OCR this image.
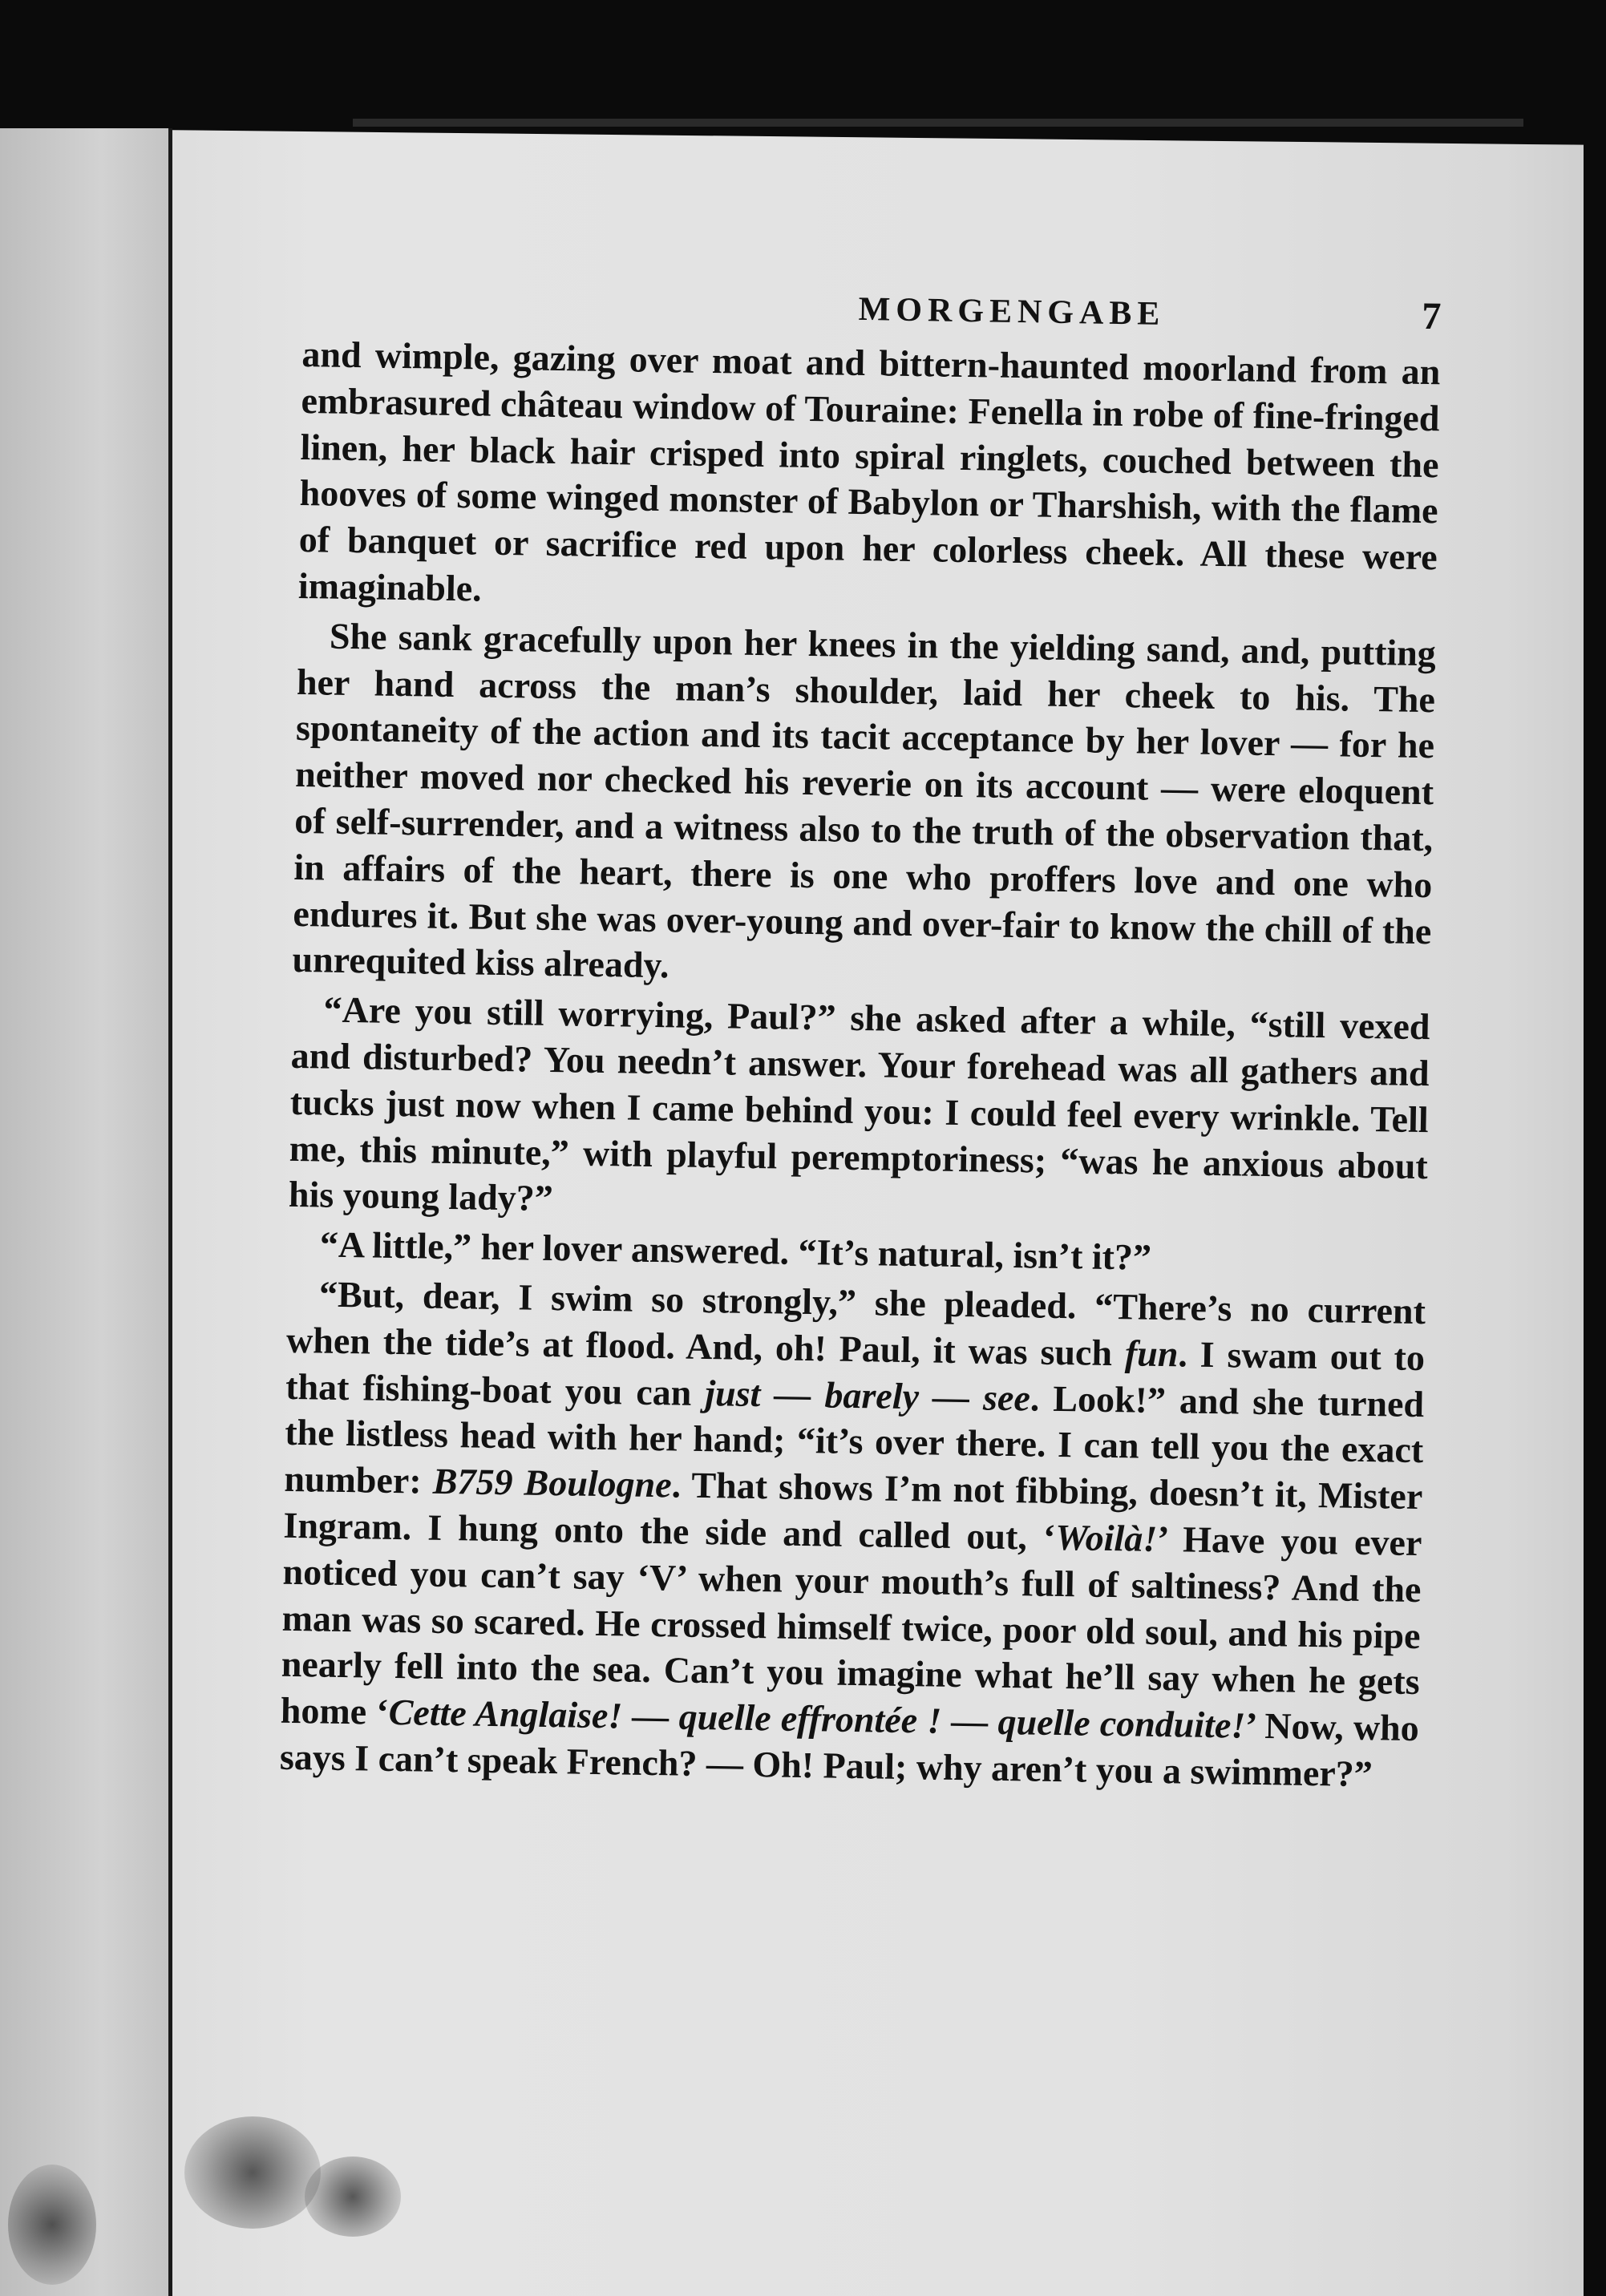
MORGENGABE	7

and wimple, gazing over moat and bittern-haunted moorland from an embrasured château window of Touraine: Fenella in robe of fine-fringed linen, her black hair crisped into spiral ringlets, couched between the hooves of some winged monster of Babylon or Tharshish, with the flame of banquet or sacrifice red upon her colorless cheek. All these were imaginable.

She sank gracefully upon her knees in the yielding sand, and, putting her hand across the man’s shoulder, laid her cheek to his. The spontaneity of the action and its tacit acceptance by her lover — for he neither moved nor checked his reverie on its account — were eloquent of self-surrender, and a witness also to the truth of the observation that, in affairs of the heart, there is one who proffers love and one who endures it. But she was over-young and over-fair to know the chill of the unrequited kiss already.

“Are you still worrying, Paul?” she asked after a while, “still vexed and disturbed? You needn’t answer. Your forehead was all gathers and tucks just now when I came behind you: I could feel every wrinkle. Tell me, this minute,” with playful peremptoriness; “was he anxious about his young lady?”

“A little,” her lover answered. “It’s natural, isn’t it?”

“But, dear, I swim so strongly,” she pleaded. “There’s no current when the tide’s at flood. And, oh! Paul, it was such fun. I swam out to that fishing-boat you can just — barely — see. Look!” and she turned the listless head with her hand; “it’s over there. I can tell you the exact number: B759 Boulogne. That shows I’m not fibbing, doesn’t it, Mister Ingram. I hung onto the side and called out, ‘Woilà!’ Have you ever noticed you can’t say ‘V’ when your mouth’s full of saltiness? And the man was so scared. He crossed himself twice, poor old soul, and his pipe nearly fell into the sea. Can’t you imagine what he’ll say when he gets home ‘Cette Anglaise! — quelle effrontée ! — quelle conduite!’ Now, who says I can’t speak French? — Oh! Paul; why aren’t you a swimmer?”
